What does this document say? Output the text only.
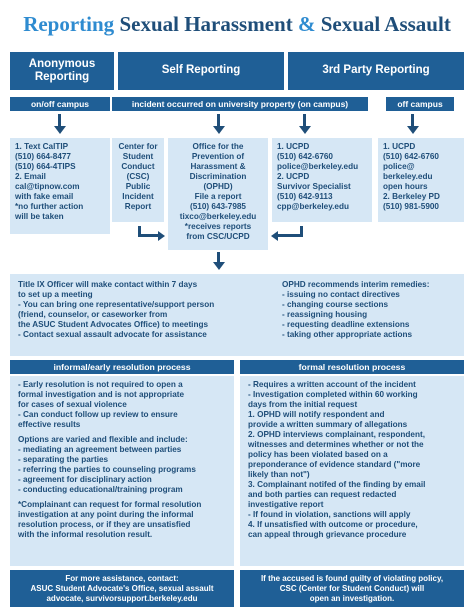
Reporting Sexual Harassment & Sexual Assault
Anonymous Reporting
Self Reporting	3rd Party Reporting
on/off campus	incident occurred on university property (on campus)	off campus
1. Text CalTIP
(510) 664-8477
(510) 664-4TIPS
2. Email
cal@tipnow.com
with fake email
*no further action
will be taken
Center for
Student
Conduct
(CSC)
Public
Incident
Report
Office for the
Prevention of
Harassment &
Discrimination
(OPHD)
File a report
(510) 643-7985
tixco@berkeley.edu
*receives reports
from CSC/UCPD
1. UCPD
(510) 642-6760
police@berkeley.edu
2. UCPD
Survivor Specialist
(510) 642-9113
cpp@berkeley.edu
1. UCPD
(510) 642-6760
police@
berkeley.edu
open hours
2. Berkeley PD
(510) 981-5900
Title IX Officer will make contact within 7 days
to set up a meeting
- You can bring one representative/support person
(friend, counselor, or caseworker from
the ASUC Student Advocates Office) to meetings
- Contact sexual assault advocate for assistance
OPHD recommends interim remedies:
- issuing no contact directives
- changing course sections
- reassigning housing
- requesting deadline extensions
- taking other appropriate actions
informal/early resolution process	formal resolution process
- Early resolution is not required to open a
formal investigation and is not appropriate
for cases of sexual violence
- Can conduct follow up review to ensure
effective results
Options are varied and flexible and include:
- mediating an agreement between parties
- separating the parties
- referring the parties to counseling programs
- agreement for disciplinary action
- conducting educational/training program
*Complainant can request for formal resolution
investigation at any point during the informal
resolution process, or if they are unsatisfied
with the informal resolution result.
- Requires a written account of the incident
- Investigation completed within 60 working
days from the initial request
1. OPHD will notify respondent and
provide a written summary of allegations
2. OPHD interviews complainant, respondent,
witnesses and determines whether or not the
policy has been violated based on a
preponderance of evidence standard ("more
likely than not")
3. Complainant notifed of the finding by email
and both parties can request redacted
investigative report
- If found in violation, sanctions will apply
4. If unsatisfied with outcome or procedure,
can appeal through grievance procedure
For more assistance, contact:
ASUC Student Advocate's Office, sexual assault
advocate, survivorsupport.berkeley.edu
If the accused is found guilty of violating policy,
CSC (Center for Student Conduct) will
open an investigation.
